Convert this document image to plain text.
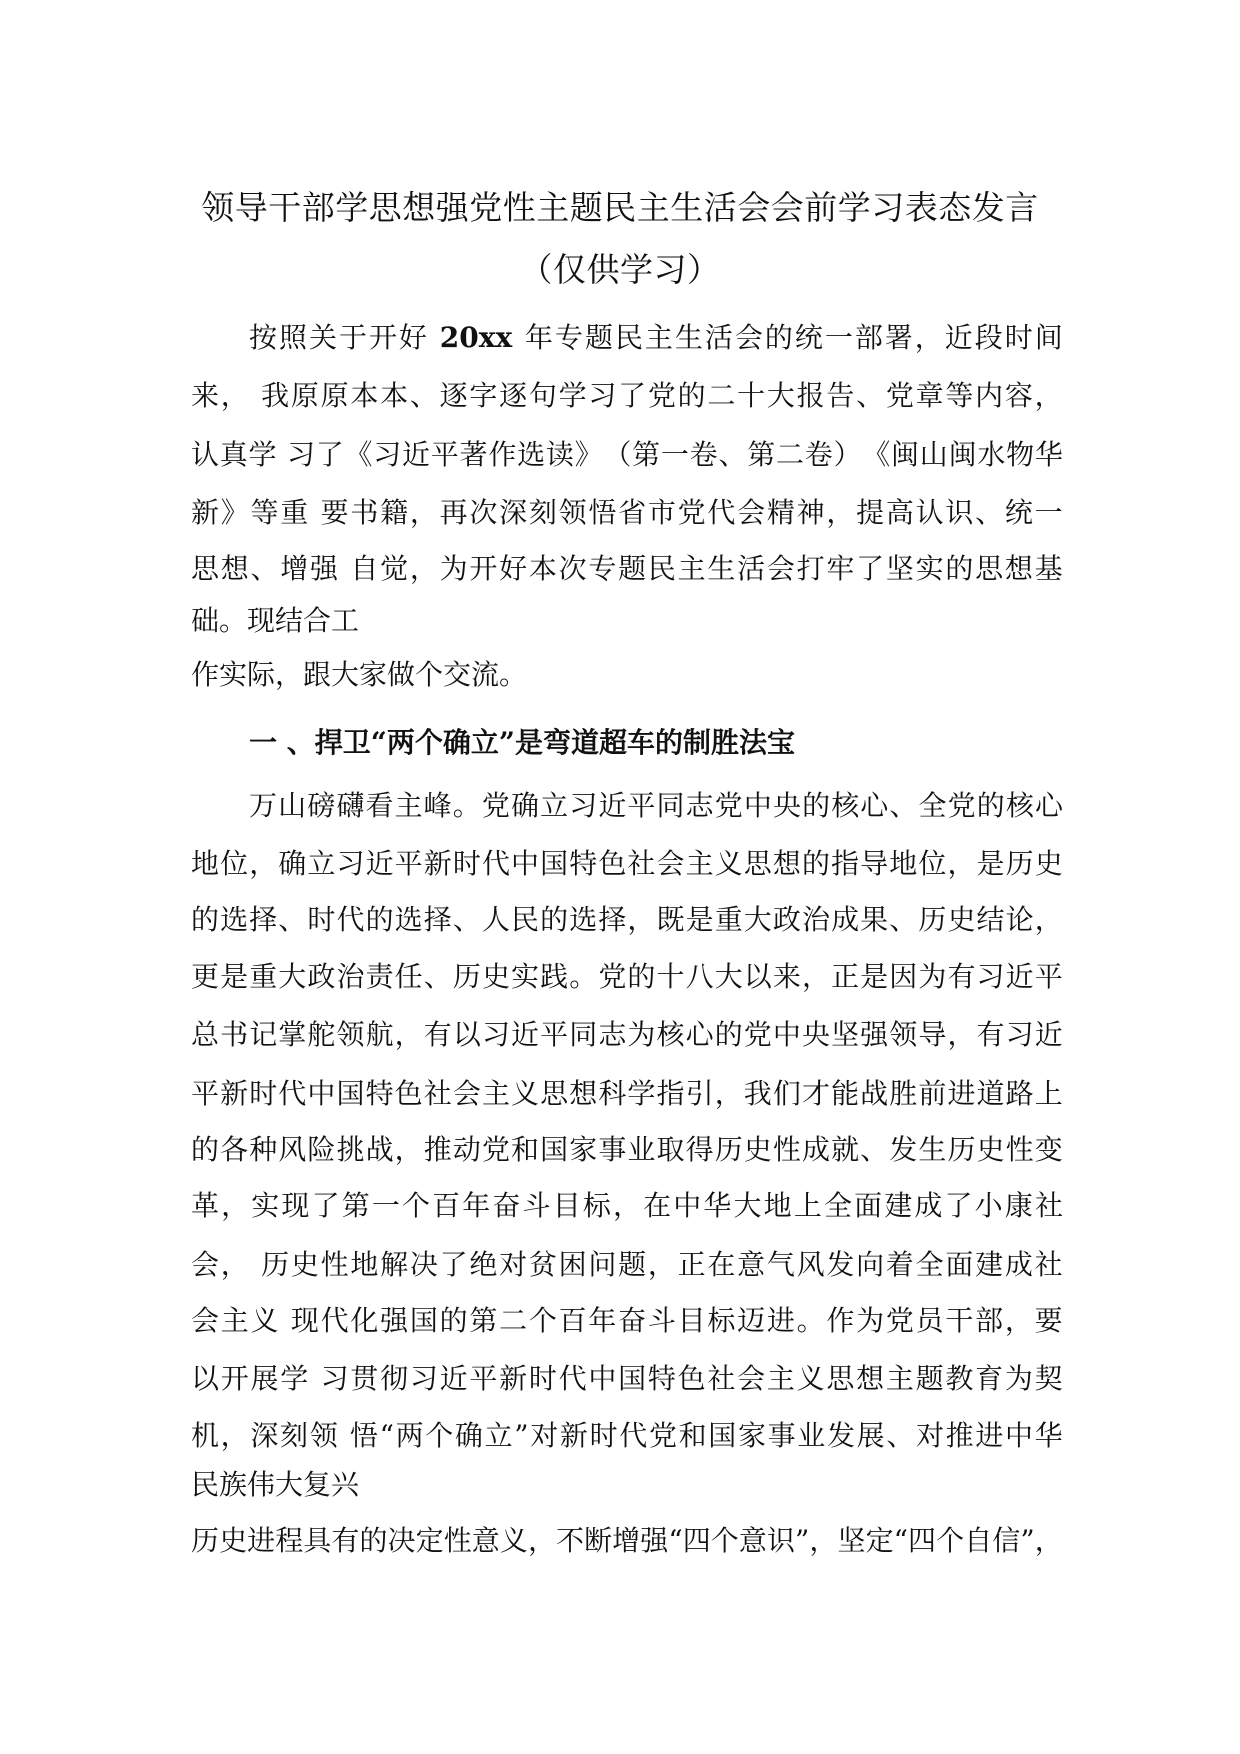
领导干部学思想强党性主题民主生活会会前学习表态发言
（仅供学习）
按 照 关 于 开 好
20xx
年 专 题 民 主 生 活 会 的 统 一 部 署 ， 近 段 时 间
来 ，
我 原 原 本 本 、 逐 字 逐 句 学 习 了 党 的 二 十 大 报 告 、 党 章 等 内 容 ，
认 真 学
习 了 《 习 近 平 著 作 选 读 》 （ 第 一 卷 、 第 二 卷 ） 《 闽 山 闽 水 物 华
新 》 等 重
要 书 籍 ， 再 次 深 刻 领 悟 省 市 党 代 会 精 神 ， 提 高 认 识 、 统 一
思 想 、 增 强
自 觉 ， 为 开 好 本 次 专 题 民 主 生 活 会 打 牢 了 坚 实 的 思 想 基
础。现结合工
作实际，跟大家做个交流。
一 、捍卫“两个确立”是弯道超车的制胜法宝
万 山 磅 礴 看 主 峰 。 党 确 立 习 近 平 同 志 党 中 央 的 核 心 、 全 党 的 核 心
地 位 ， 确 立 习 近 平 新 时 代 中 国 特 色 社 会 主 义 思 想 的 指 导 地 位 ， 是 历 史
的 选 择 、 时 代 的 选 择 、 人 民 的 选 择 ， 既 是 重 大 政 治 成 果 、 历 史 结 论 ，
更 是 重 大 政 治 责 任 、 历 史 实 践 。 党 的 十 八 大 以 来 ， 正 是 因 为 有 习 近 平
总 书 记 掌 舵 领 航 ， 有 以 习 近 平 同 志 为 核 心 的 党 中 央 坚 强 领 导 ， 有 习 近
平 新 时 代 中 国 特 色 社 会 主 义 思 想 科 学 指 引 ， 我 们 才 能 战 胜 前 进 道 路 上
的 各 种 风 险 挑 战 ， 推 动 党 和 国 家 事 业 取 得 历 史 性 成 就 、 发 生 历 史 性 变
革 ， 实 现 了 第 一 个 百 年 奋 斗 目 标 ， 在 中 华 大 地 上 全 面 建 成 了 小 康 社
会 ，
历 史 性 地 解 决 了 绝 对 贫 困 问 题 ， 正 在 意 气 风 发 向 着 全 面 建 成 社
会 主 义
现 代 化 强 国 的 第 二 个 百 年 奋 斗 目 标 迈 进 。 作 为 党 员 干 部 ， 要
以 开 展 学
习 贯 彻 习 近 平 新 时 代 中 国 特 色 社 会 主 义 思 想 主 题 教 育 为 契
机 ， 深 刻 领
悟 “ 两 个 确 立 ” 对 新 时 代 党 和 国 家 事 业 发 展 、 对 推 进 中 华
民族伟大复兴
历 史 进 程 具 有 的 决 定 性 意 义 ， 不 断 增 强 “ 四 个 意 识 ” ， 坚 定 “ 四 个 自 信 ” ，
